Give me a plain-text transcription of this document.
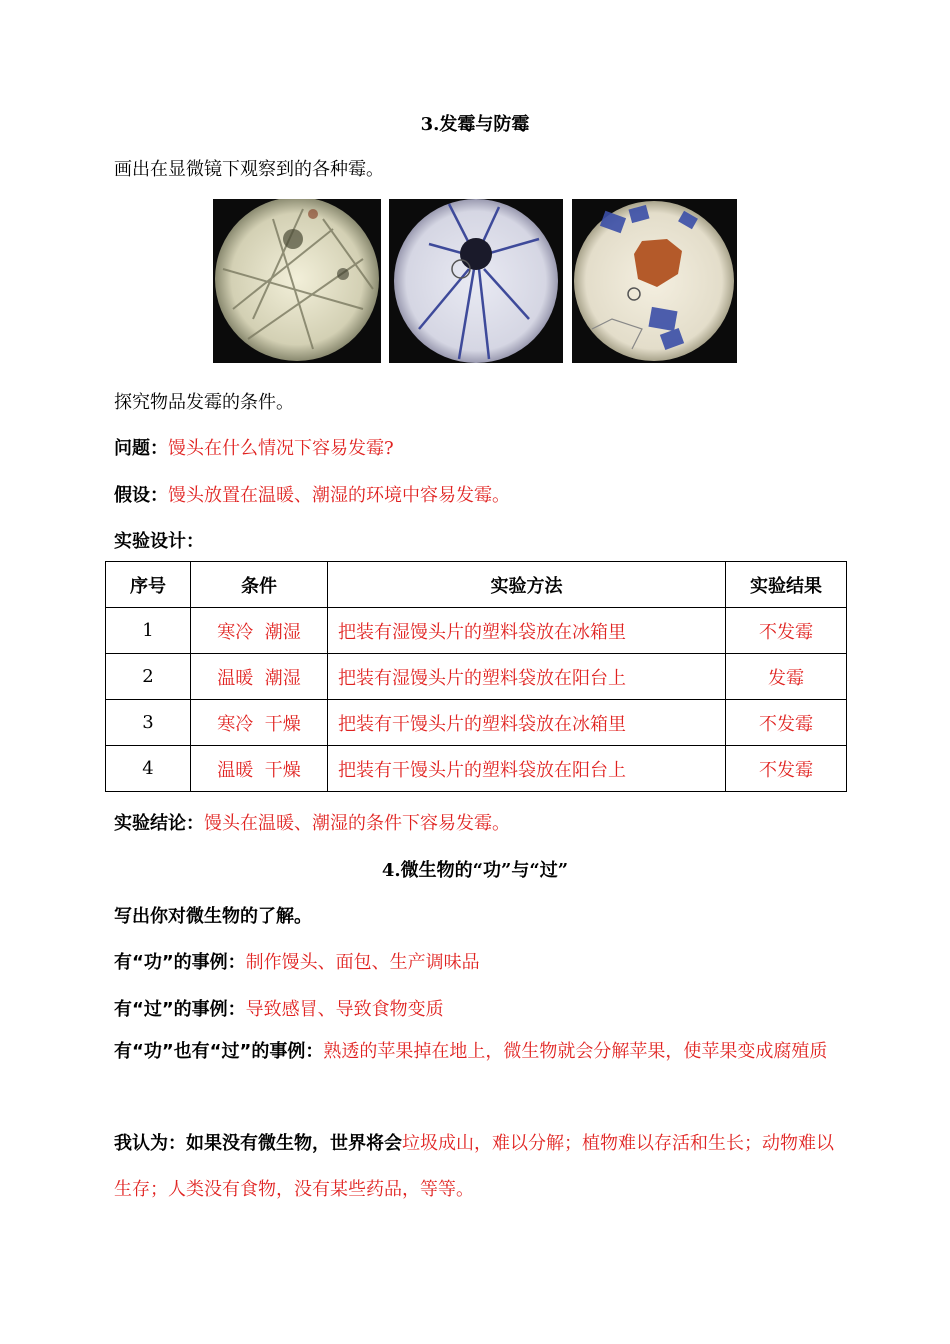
3.发霉与防霉
画出在显微镜下观察到的各种霉。
探究物品发霉的条件。
问题：馒头在什么情况下容易发霉?
假设：馒头放置在温暖、潮湿的环境中容易发霉。
实验设计：
序号	条件	实验方法	实验结果
1	寒冷  潮湿	把装有湿馒头片的塑料袋放在冰箱里	不发霉
2	温暖  潮湿	把装有湿馒头片的塑料袋放在阳台上	发霉
3	寒冷  干燥	把装有干馒头片的塑料袋放在冰箱里	不发霉
4	温暖  干燥	把装有干馒头片的塑料袋放在阳台上	不发霉
实验结论：馒头在温暖、潮湿的条件下容易发霉。
4.微生物的“功”与“过”
写出你对微生物的了解。
有“功”的事例：制作馒头、面包、生产调味品
有“过”的事例：导致感冒、导致食物变质
有“功”也有“过”的事例：熟透的苹果掉在地上，微生物就会分解苹果，使苹果变成腐殖质
我认为：如果没有微生物，世界将会垃圾成山，难以分解；植物难以存活和生长；动物难以生存；人类没有食物，没有某些药品，等等。
